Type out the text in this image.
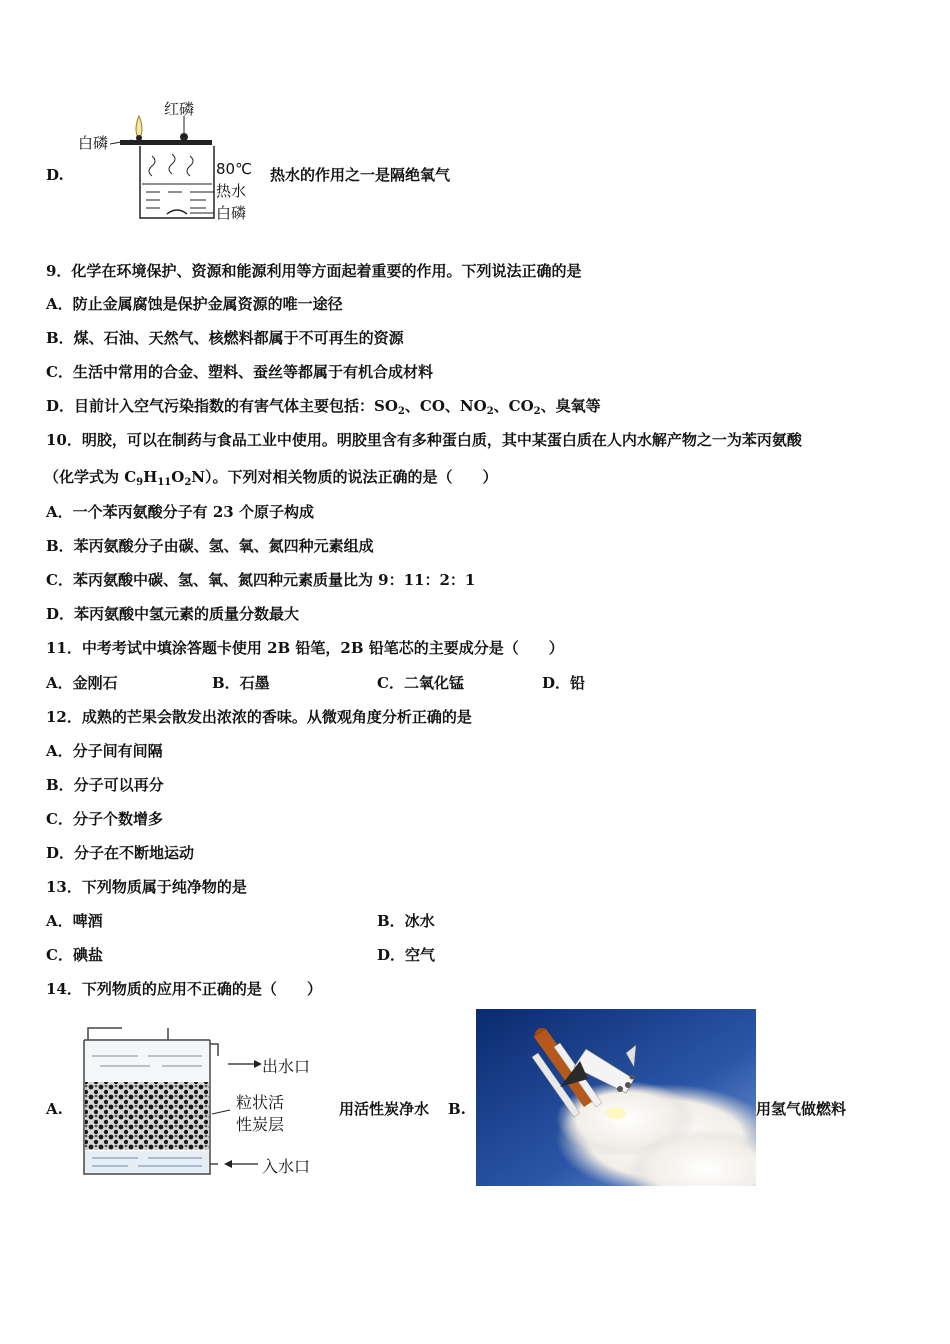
D.
红磷
白磷
80℃
热水
白磷
热水的作用之一是隔绝氧气
9．化学在环境保护、资源和能源利用等方面起着重要的作用。下列说法正确的是
A．防止金属腐蚀是保护金属资源的唯一途径
B．煤、石油、天然气、核燃料都属于不可再生的资源
C．生活中常用的合金、塑料、蚕丝等都属于有机合成材料
D．目前计入空气污染指数的有害气体主要包括：$SO_2$、CO、$NO_2$、$CO_2$、臭氧等
10．明胶，可以在制药与食品工业中使用。明胶里含有多种蛋白质，其中某蛋白质在人内水解产物之一为苯丙氨酸
（化学式为 $C_9H_{11}O_2N$）。下列对相关物质的说法正确的是（　　）
A．一个苯丙氨酸分子有 23 个原子构成
B．苯丙氨酸分子由碳、氢、氧、氮四种元素组成
C．苯丙氨酸中碳、氢、氧、氮四种元素质量比为 9：11：2：1
D．苯丙氨酸中氢元素的质量分数最大
11．中考考试中填涂答题卡使用 2B 铅笔，2B 铅笔芯的主要成分是（　　）
A．金刚石	B．石墨	C．二氧化锰	D．铅
12．成熟的芒果会散发出浓浓的香味。从微观角度分析正确的是
A．分子间有间隔
B．分子可以再分
C．分子个数增多
D．分子在不断地运动
13．下列物质属于纯净物的是
A．啤酒	B．冰水
C．碘盐	D．空气
14．下列物质的应用不正确的是（　　）
A.
出水口
粒状活
性炭层
入水口
用活性炭净水 B.	用氢气做燃料
